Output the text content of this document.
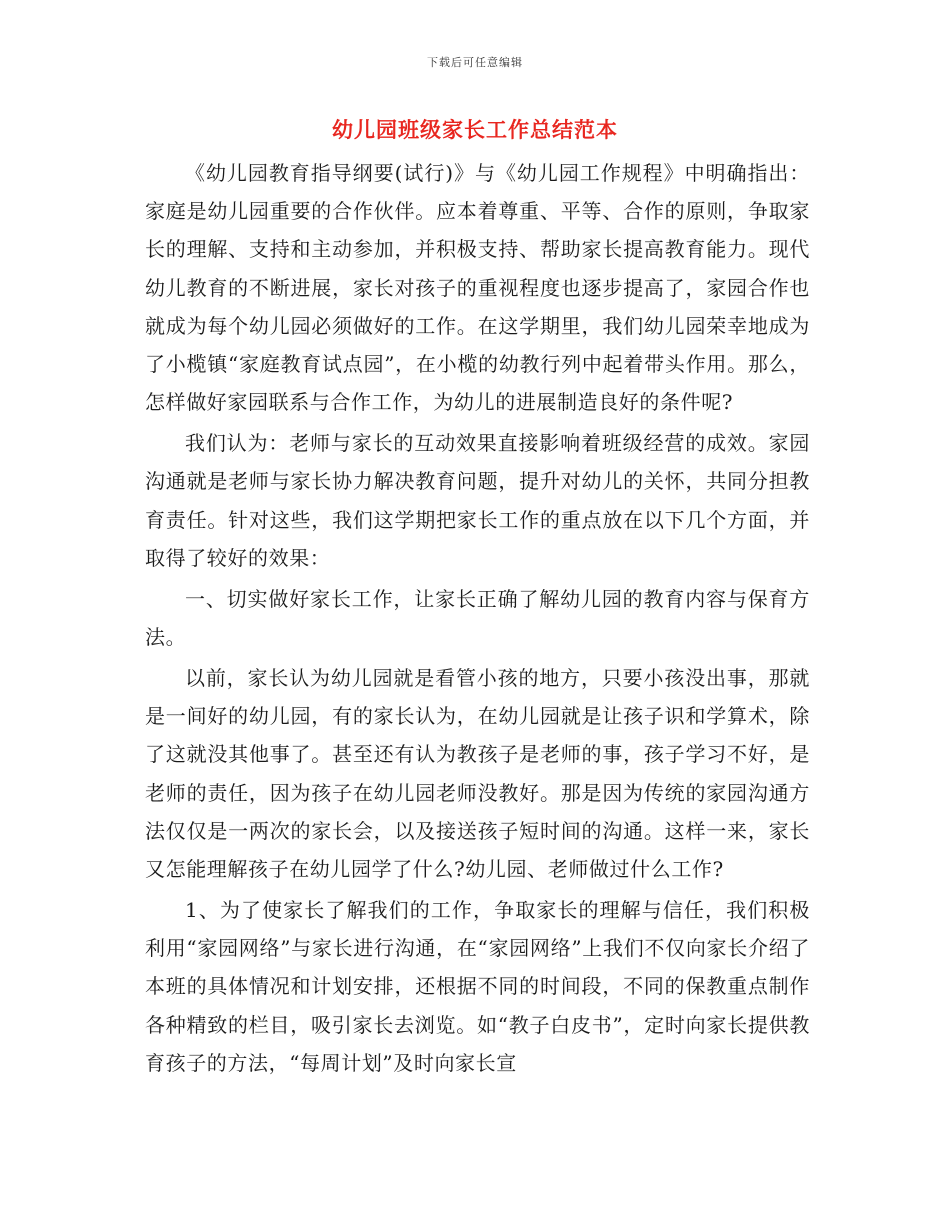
下载后可任意编辑
幼儿园班级家长工作总结范本

《幼儿园教育指导纲要(试行)》与《幼儿园工作规程》中明确指出：家庭是幼儿园重要的合作伙伴。应本着尊重、平等、合作的原则，争取家长的理解、支持和主动参加，并积极支持、帮助家长提高教育能力。现代幼儿教育的不断进展，家长对孩子的重视程度也逐步提高了，家园合作也就成为每个幼儿园必须做好的工作。在这学期里，我们幼儿园荣幸地成为了小榄镇“家庭教育试点园”，在小榄的幼教行列中起着带头作用。那么，怎样做好家园联系与合作工作，为幼儿的进展制造良好的条件呢?

我们认为：老师与家长的互动效果直接影响着班级经营的成效。家园沟通就是老师与家长协力解决教育问题，提升对幼儿的关怀，共同分担教育责任。针对这些，我们这学期把家长工作的重点放在以下几个方面，并取得了较好的效果：

一、切实做好家长工作，让家长正确了解幼儿园的教育内容与保育方法。

以前，家长认为幼儿园就是看管小孩的地方，只要小孩没出事，那就是一间好的幼儿园，有的家长认为，在幼儿园就是让孩子识和学算术，除了这就没其他事了。甚至还有认为教孩子是老师的事，孩子学习不好，是老师的责任，因为孩子在幼儿园老师没教好。那是因为传统的家园沟通方法仅仅是一两次的家长会，以及接送孩子短时间的沟通。这样一来，家长又怎能理解孩子在幼儿园学了什么?幼儿园、老师做过什么工作?

1、为了使家长了解我们的工作，争取家长的理解与信任，我们积极利用“家园网络”与家长进行沟通，在“家园网络”上我们不仅向家长介绍了本班的具体情况和计划安排，还根据不同的时间段，不同的保教重点制作各种精致的栏目，吸引家长去浏览。如“教子白皮书”，定时向家长提供教育孩子的方法，“每周计划”及时向家长宣
